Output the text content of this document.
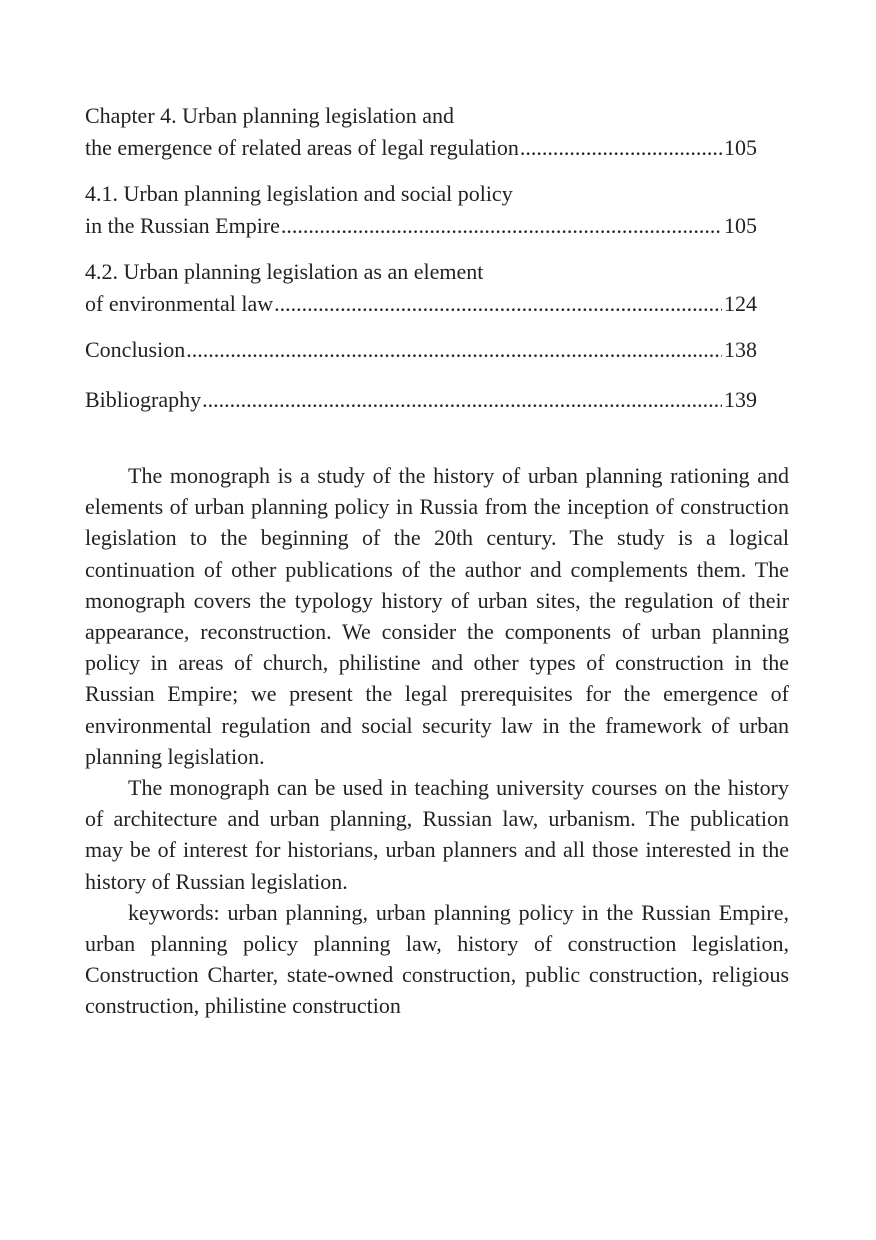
Chapter 4. Urban planning legislation and
the emergence of related areas of legal regulation .....	105
4.1. Urban planning legislation and social policy
in the Russian Empire .....	105
4.2. Urban planning legislation as an element
of environmental law .....	124
Conclusion .....	138
Bibliography .....	139

The monograph is a study of the history of urban planning rationing and elements of urban planning policy in Russia from the inception of construction legislation to the beginning of the 20th century. The study is a logical continuation of other publications of the author and complements them. The monograph covers the typology history of urban sites, the regulation of their appearance, reconstruction. We consider the components of urban planning policy in areas of church, philistine and other types of construction in the Russian Empire; we present the legal prerequisites for the emergence of environmental regulation and social security law in the framework of urban planning legislation.

The monograph can be used in teaching university courses on the history of architecture and urban planning, Russian law, urbanism. The publication may be of interest for historians, urban planners and all those interested in the history of Russian legislation.

keywords: urban planning, urban planning policy in the Russian Empire, urban planning policy planning law, history of construction legislation, Construction Charter, state-owned construction, public construction, religious construction, philistine construction
